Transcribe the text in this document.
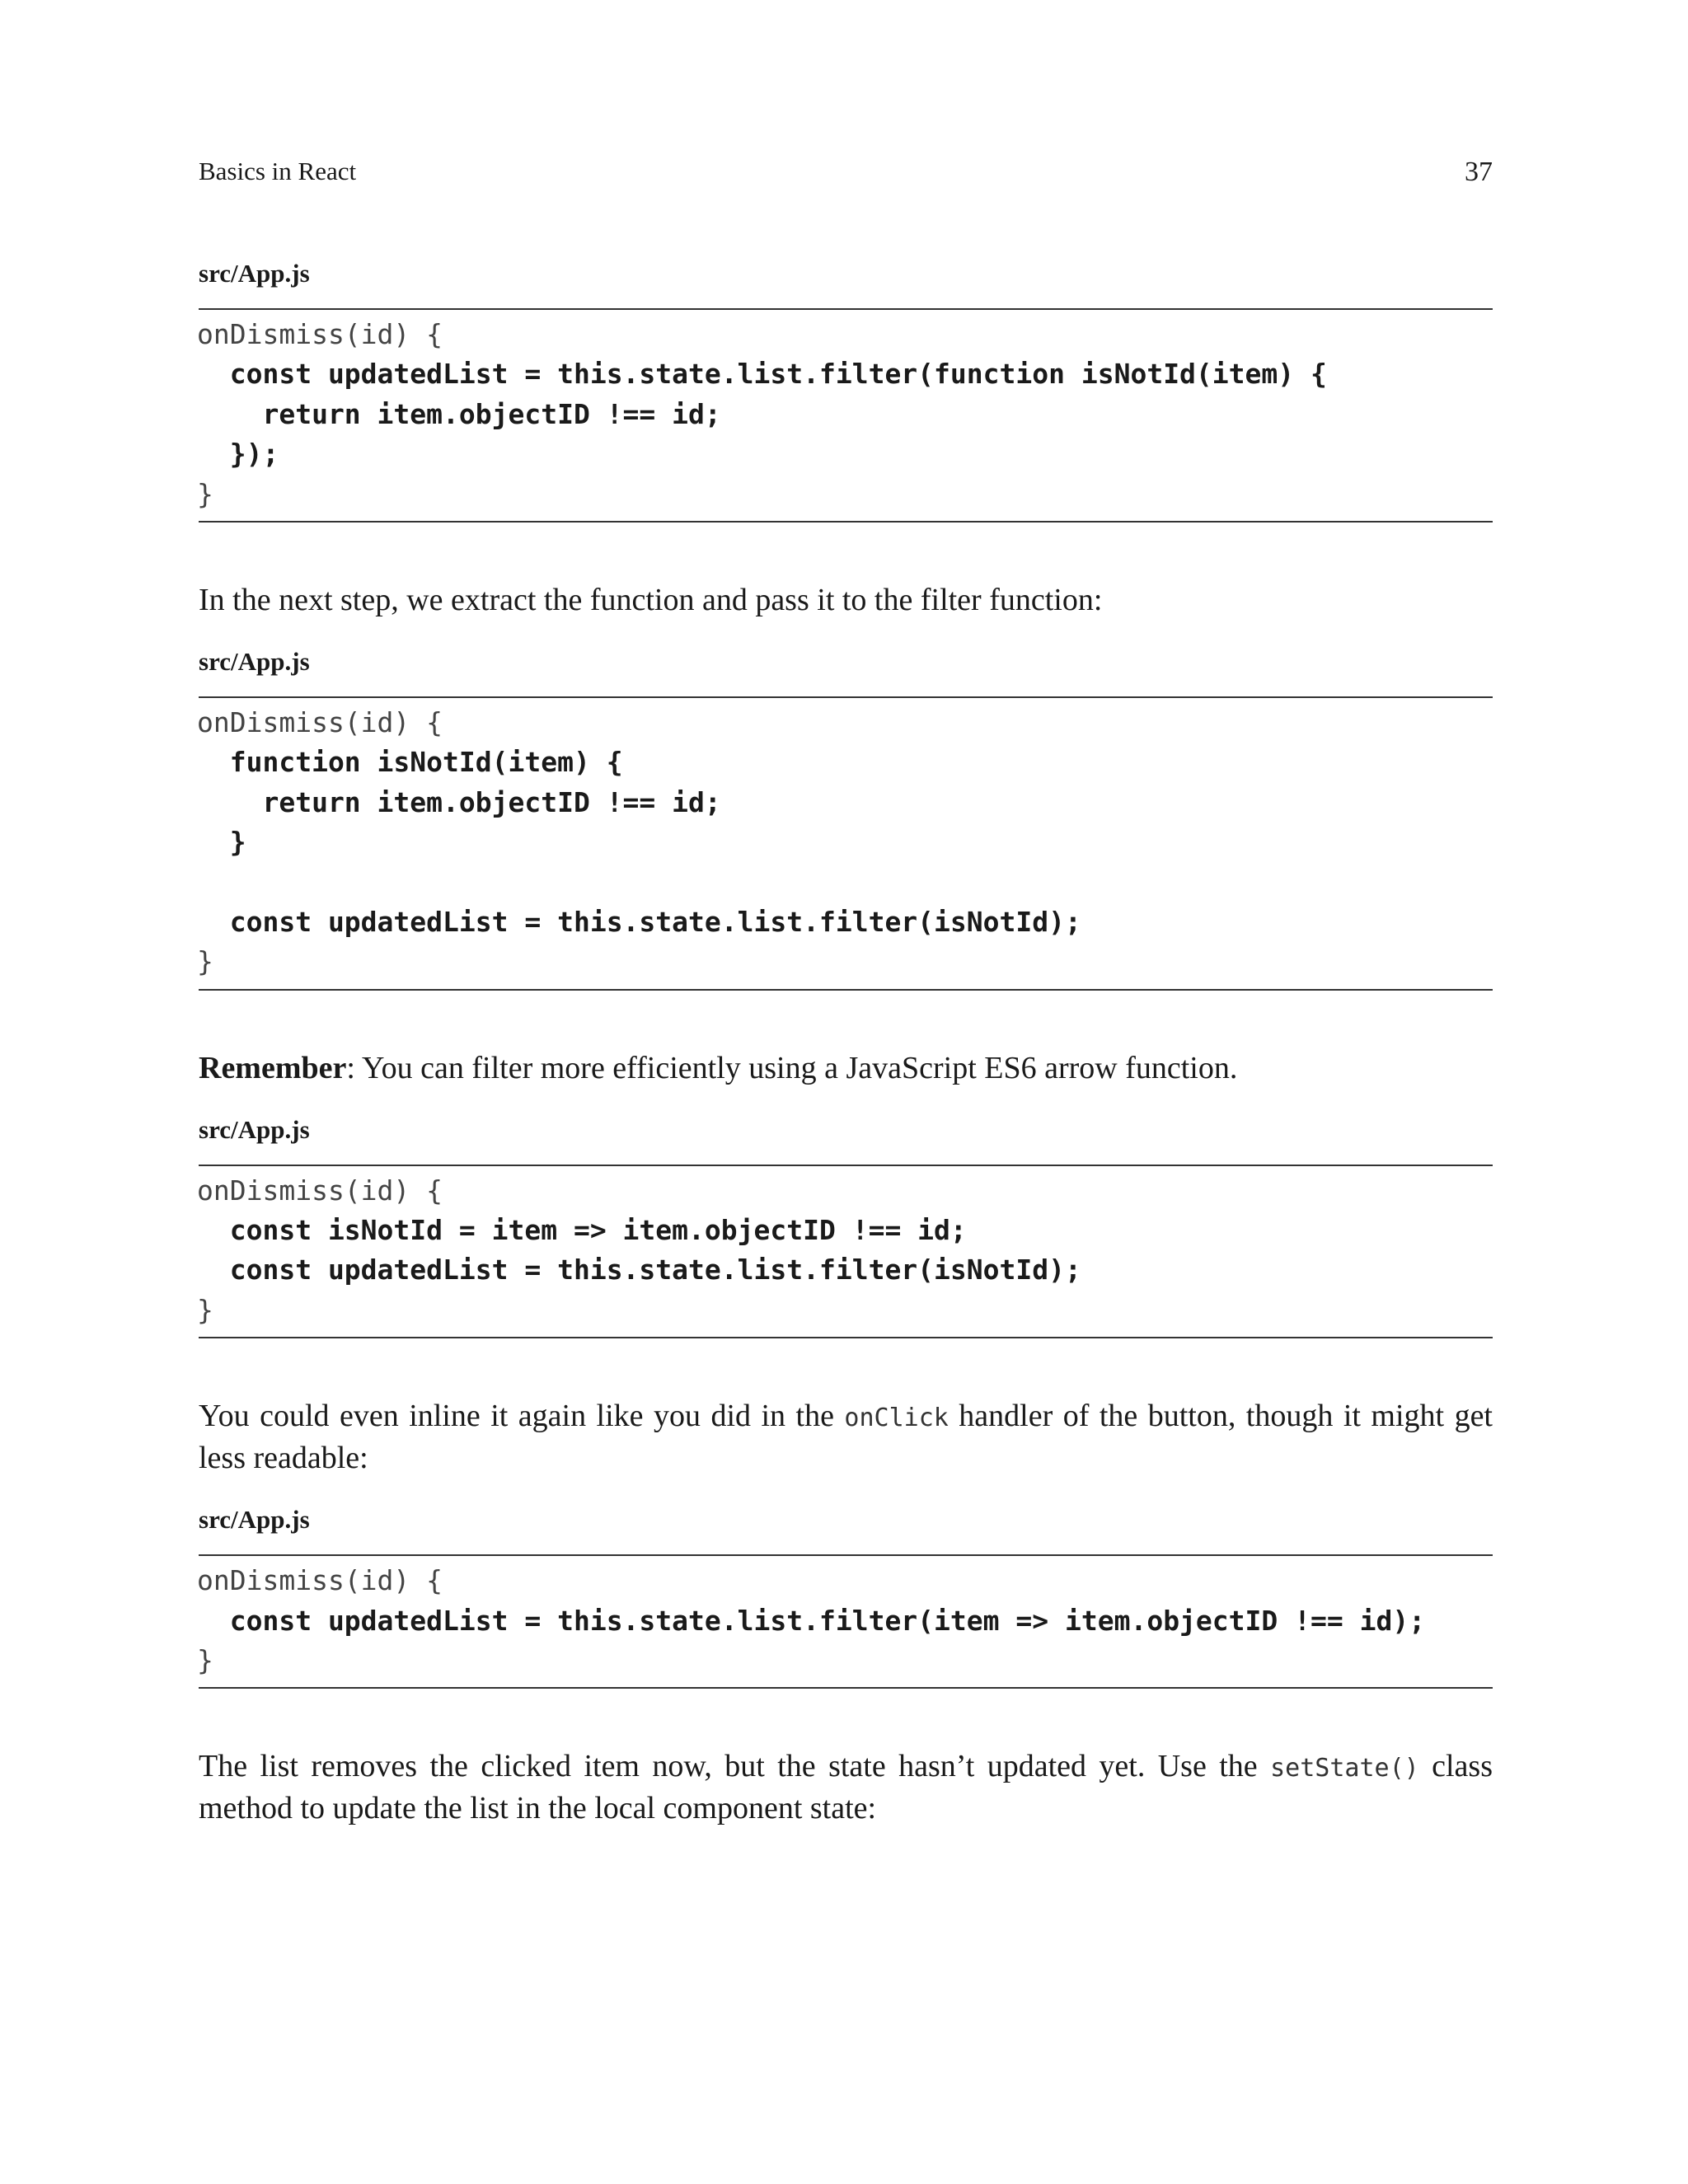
Basics in React	37
src/App.js
onDismiss(id) {
const updatedList = this.state.list.filter(function isNotId(item) {
return item.objectID !== id;
});
}

In the next step, we extract the function and pass it to the filter function:

src/App.js
onDismiss(id) {
function isNotId(item) {
return item.objectID !== id;
}
const updatedList = this.state.list.filter(isNotId);
}

Remember: You can filter more efficiently using a JavaScript ES6 arrow function.

src/App.js
onDismiss(id) {
const isNotId = item => item.objectID !== id;
const updatedList = this.state.list.filter(isNotId);
}

You could even inline it again like you did in the onClick handler of the button, though it might get less readable:

src/App.js
onDismiss(id) {
const updatedList = this.state.list.filter(item => item.objectID !== id);
}

The list removes the clicked item now, but the state hasn’t updated yet. Use the setState() class method to update the list in the local component state:
